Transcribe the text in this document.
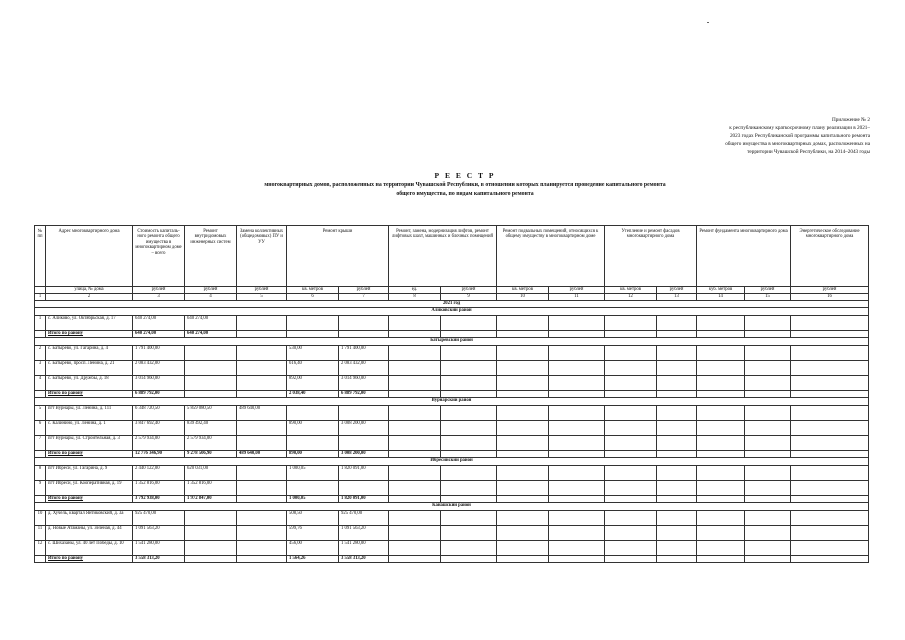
Приложение № 2
к республиканскому краткосрочному плану реализации в 2021–
2023 годах Республиканской программы капитального ремонта
общего имущества в многоквартирных домах, расположенных на
территории Чувашской Республики, на 2014–2043 годы
Р Е Е С Т Р
многоквартирных домов, расположенных на территории Чувашской Республики, в отношении которых планируется проведение капитального ремонта
общего имущества, по видам капитального ремонта
№ пп	Адрес многоквартирного дома	Стоимость капиталь-ного ремонта общего имущества в многоквартирном доме – всего	Ремонт внутридомовых инженерных систем	Замена коллективных (общедомовых) ПУ и УУ	Ремонт крыши		Ремонт, замена, модернизация лифтов, ремонт лифтовых шахт, машинных и блочных помещений		Ремонт подвальных помещений, относящихся к общему имуществу в многоквартирном доме		Утепление и ремонт фасадов многоквартирного дома		Ремонт фундамента многоквартирного дома		Энергетическое обследование многоквартирного дома
	улица, № дома	рублей	рублей	рублей	кв. метров	рублей	ед.	рублей	кв. метров	рублей	кв. метров	рублей	куб. метров	рублей	рублей
1	2	3	4	5	6	7	8	9	10	11	12	13	14	15	16
2021 год															
Аликовский район															
1	с. Аликово, ул. Октябрьская, д. 17	640 274,00	640 274,00												
	Итого по району	640 274,00	640 274,00												
Батыревский район															
2	с. Батырево, ул. Гагарина, д. 4	1 791 400,00			530,00	1 791 400,00									
3	с. Батырево, просп. Ленина, д. 21	2 083 432,00			616,40	2 083 432,00									
4	с. Батырево, ул. Дружбы, д. 18	3 014 960,00			892,00	3 014 960,00									
	Итого по району	6 889 792,00			2 038,40	6 889 792,00									
Вурнарский район															
5	пгт Вурнары, ул. Ленина, д. 111	6 348 720,50	5 859 080,50	489 640,00											
6	с. Калинино, ул. Ленина, д. 1	3 847 692,40	839 492,40		890,00	3 008 200,00									
7	пгт Вурнары, ул. Строительная, д. 3	2 579 934,00	2 579 934,00												
	Итого по району	12 776 346,90	9 278 506,90	489 640,00	890,00	3 008 200,00									
Ибресинский район															
8	пгт Ибреси, ул. Гагарина, д. 9	2 440 122,00	620 031,00		1 000,05	1 820 091,00									
9	пгт Ибреси, ул. Кооперативная, д. 19	1 352 816,00	1 352 816,00												
	Итого по району	3 792 938,00	1 972 847,00		1 000,05	1 820 091,00									
Канашский район															
10	д. Хучель, квартал Янтиковский, д. 3а	925 470,00			508,50	925 470,00									
11	д. Новые Атаманы, ул. Зеленая, д. 44	1 091 563,20			599,76	1 091 563,20									
12	с. Шихазаны, ул. 40 лет Победы, д. 10	1 541 280,00			456,00	1 541 280,00									
	Итого по району	3 558 313,20			1 564,26	3 558 313,20									
